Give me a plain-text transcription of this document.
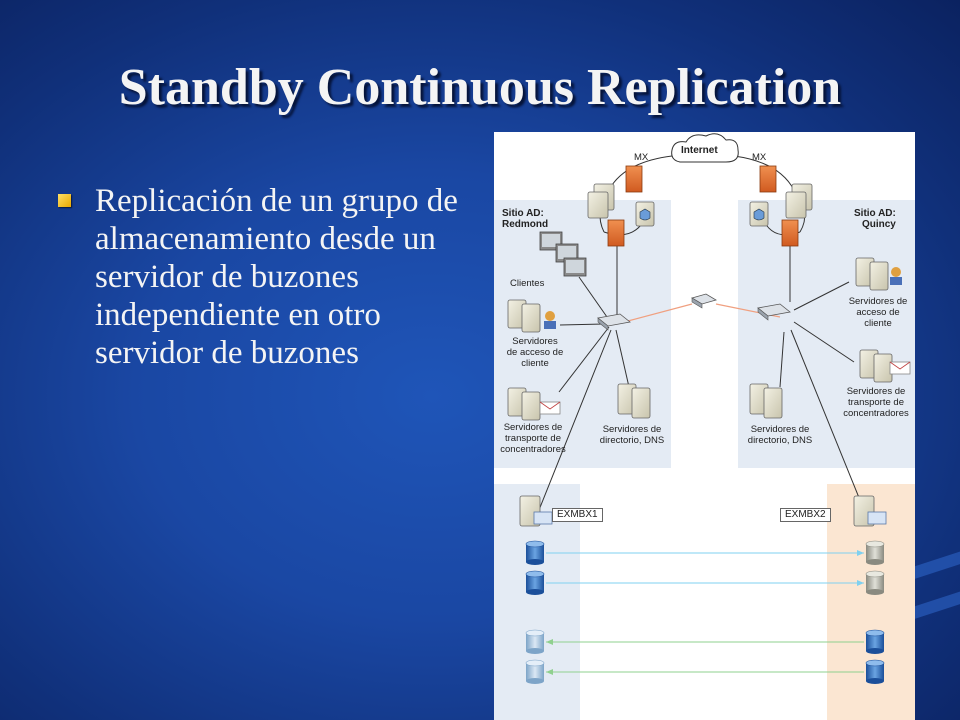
Standby Continuous Replication
Replicación de un grupo de almacenamiento desde un servidor de buzones independiente en otro servidor de buzones
Internet
MX	MX
Sitio AD:
Redmond
Sitio AD:
Quincy
Clientes
Servidores
de acceso de
cliente
Servidores de
acceso de
cliente
Servidores de
transporte de
concentradores
Servidores de
transporte de
concentradores
Servidores de
directorio, DNS
Servidores de
directorio, DNS
EXMBX1	EXMBX2
